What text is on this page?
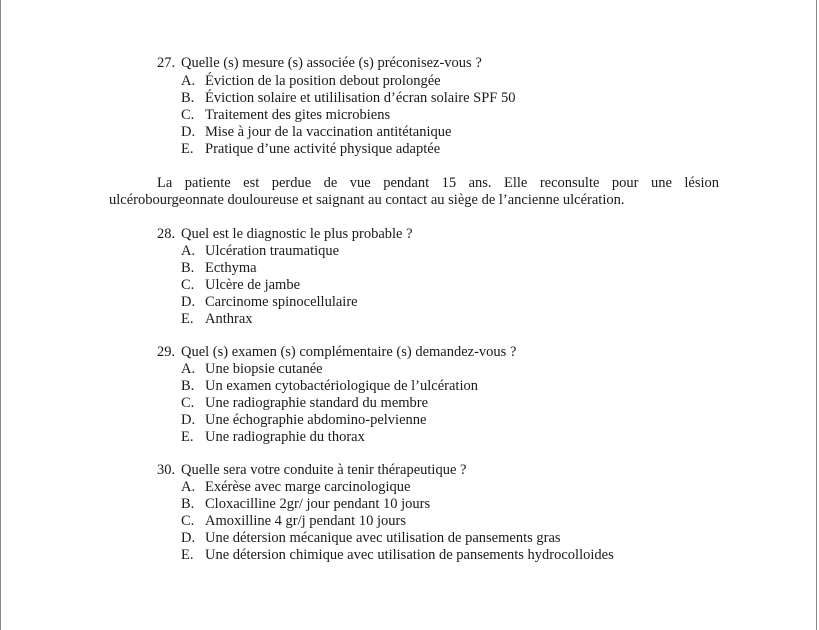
27. Quelle (s) mesure (s) associée (s) préconisez-vous ?
A. Éviction de la position debout prolongée
B. Éviction solaire et utililisation d’écran solaire SPF 50
C. Traitement des gites microbiens
D. Mise à jour de la vaccination antitétanique
E. Pratique d’une activité physique adaptée
La patiente est perdue de vue pendant 15 ans. Elle reconsulte pour une lésion
ulcérobourgeonnate douloureuse et saignant au contact au siège de l’ancienne ulcération.
28. Quel est le diagnostic le plus probable ?
A. Ulcération traumatique
B. Ecthyma
C. Ulcère de jambe
D. Carcinome spinocellulaire
E. Anthrax
29. Quel (s) examen (s) complémentaire (s) demandez-vous ?
A. Une biopsie cutanée
B. Un examen cytobactériologique de l’ulcération
C. Une radiographie standard du membre
D. Une échographie abdomino-pelvienne
E. Une radiographie du thorax
30. Quelle sera votre conduite à tenir thérapeutique ?
A. Exérèse avec marge carcinologique
B. Cloxacilline 2gr/ jour pendant 10 jours
C. Amoxilline 4 gr/j pendant 10 jours
D. Une détersion mécanique avec utilisation de pansements gras
E. Une détersion chimique avec utilisation de pansements hydrocolloides
